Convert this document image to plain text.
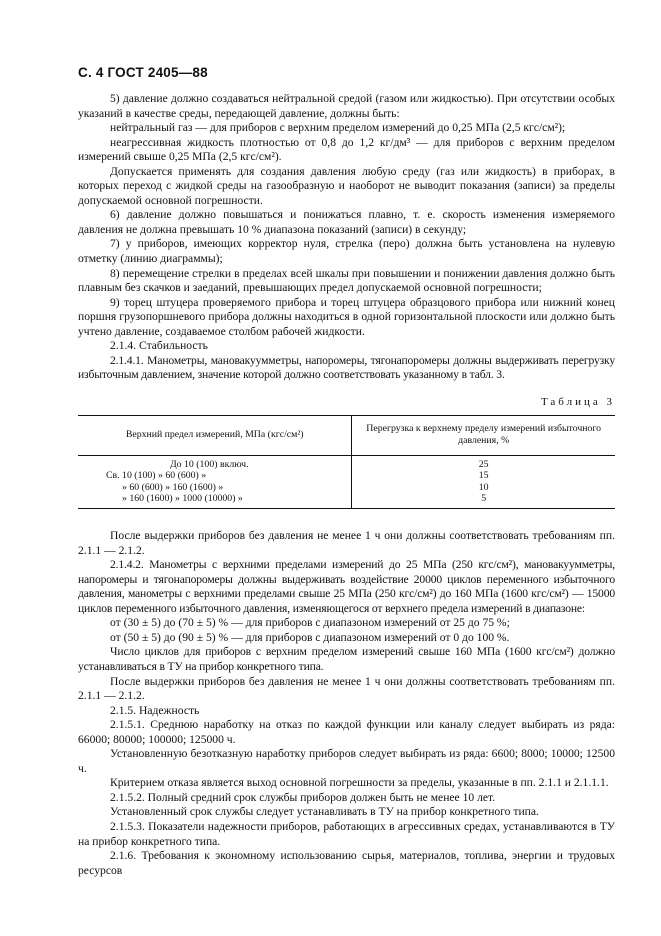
С. 4 ГОСТ 2405—88

5) давление должно создаваться нейтральной средой (газом или жидкостью). При отсутствии особых указаний в качестве среды, передающей давление, должны быть:

нейтральный газ — для приборов с верхним пределом измерений до 0,25 МПа (2,5 кгс/см²);

неагрессивная жидкость плотностью от 0,8 до 1,2 кг/дм³ — для приборов с верхним пределом измерений свыше 0,25 МПа (2,5 кгс/см²).

Допускается применять для создания давления любую среду (газ или жидкость) в приборах, в которых переход с жидкой среды на газообразную и наоборот не выводит показания (записи) за пределы допускаемой основной погрешности.

6) давление должно повышаться и понижаться плавно, т. е. скорость изменения измеряемого давления не должна превышать 10 % диапазона показаний (записи) в секунду;

7) у приборов, имеющих корректор нуля, стрелка (перо) должна быть установлена на нулевую отметку (линию диаграммы);

8) перемещение стрелки в пределах всей шкалы при повышении и понижении давления должно быть плавным без скачков и заеданий, превышающих предел допускаемой основной погрешности;

9) торец штуцера проверяемого прибора и торец штуцера образцового прибора или нижний конец поршня грузопоршневого прибора должны находиться в одной горизонтальной плоскости или должно быть учтено давление, создаваемое столбом рабочей жидкости.

2.1.4. Стабильность

2.1.4.1. Манометры, мановакуумметры, напоромеры, тягонапоромеры должны выдерживать перегрузку избыточным давлением, значение которой должно соответствовать указанному в табл. 3.

Таблица 3
Верхний предел измерений, МПа (кгс/см²)	Перегрузка к верхнему пределу измерений избыточного давления, %
До 10 (100) включ.	25
Св. 10 (100) » 60 (600) »	15
» 60 (600) » 160 (1600) »	10
» 160 (1600) » 1000 (10000) »	5

После выдержки приборов без давления не менее 1 ч они должны соответствовать требованиям пп. 2.1.1 — 2.1.2.

2.1.4.2. Манометры с верхними пределами измерений до 25 МПа (250 кгс/см²), мановакуумметры, напоромеры и тягонапоромеры должны выдерживать воздействие 20000 циклов переменного избыточного давления, манометры с верхними пределами свыше 25 МПа (250 кгс/см²) до 160 МПа (1600 кгс/см²) — 15000 циклов переменного избыточного давления, изменяющегося от верхнего предела измерений в диапазоне:

от (30 ± 5) до (70 ± 5) % — для приборов с диапазоном измерений от 25 до 75 %;

от (50 ± 5) до (90 ± 5) % — для приборов с диапазоном измерений от 0 до 100 %.

Число циклов для приборов с верхним пределом измерений свыше 160 МПа (1600 кгс/см²) должно устанавливаться в ТУ на прибор конкретного типа.

После выдержки приборов без давления не менее 1 ч они должны соответствовать требованиям пп. 2.1.1 — 2.1.2.

2.1.5. Надежность

2.1.5.1. Среднюю наработку на отказ по каждой функции или каналу следует выбирать из ряда: 66000; 80000; 100000; 125000 ч.

Установленную безотказную наработку приборов следует выбирать из ряда: 6600; 8000; 10000; 12500 ч.

Критерием отказа является выход основной погрешности за пределы, указанные в пп. 2.1.1 и 2.1.1.1.

2.1.5.2. Полный средний срок службы приборов должен быть не менее 10 лет.

Установленный срок службы следует устанавливать в ТУ на прибор конкретного типа.

2.1.5.3. Показатели надежности приборов, работающих в агрессивных средах, устанавливаются в ТУ на прибор конкретного типа.

2.1.6. Требования к экономному использованию сырья, материалов, топлива, энергии и трудовых ресурсов
